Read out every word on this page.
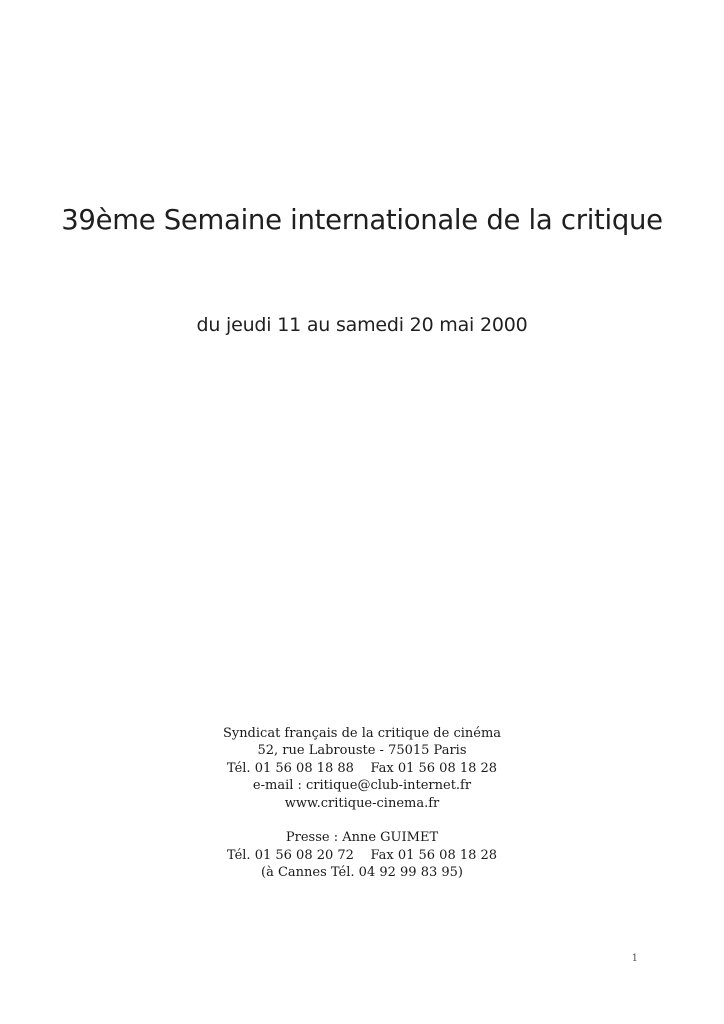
39ème Semaine internationale de la critique
du jeudi 11 au samedi 20 mai 2000
Syndicat français de la critique de cinéma
52, rue Labrouste - 75015 Paris
Tél. 01 56 08 18 88    Fax 01 56 08 18 28
e-mail : critique@club-internet.fr
www.critique-cinema.fr
Presse : Anne GUIMET
Tél. 01 56 08 20 72    Fax 01 56 08 18 28
(à Cannes Tél. 04 92 99 83 95)
1
